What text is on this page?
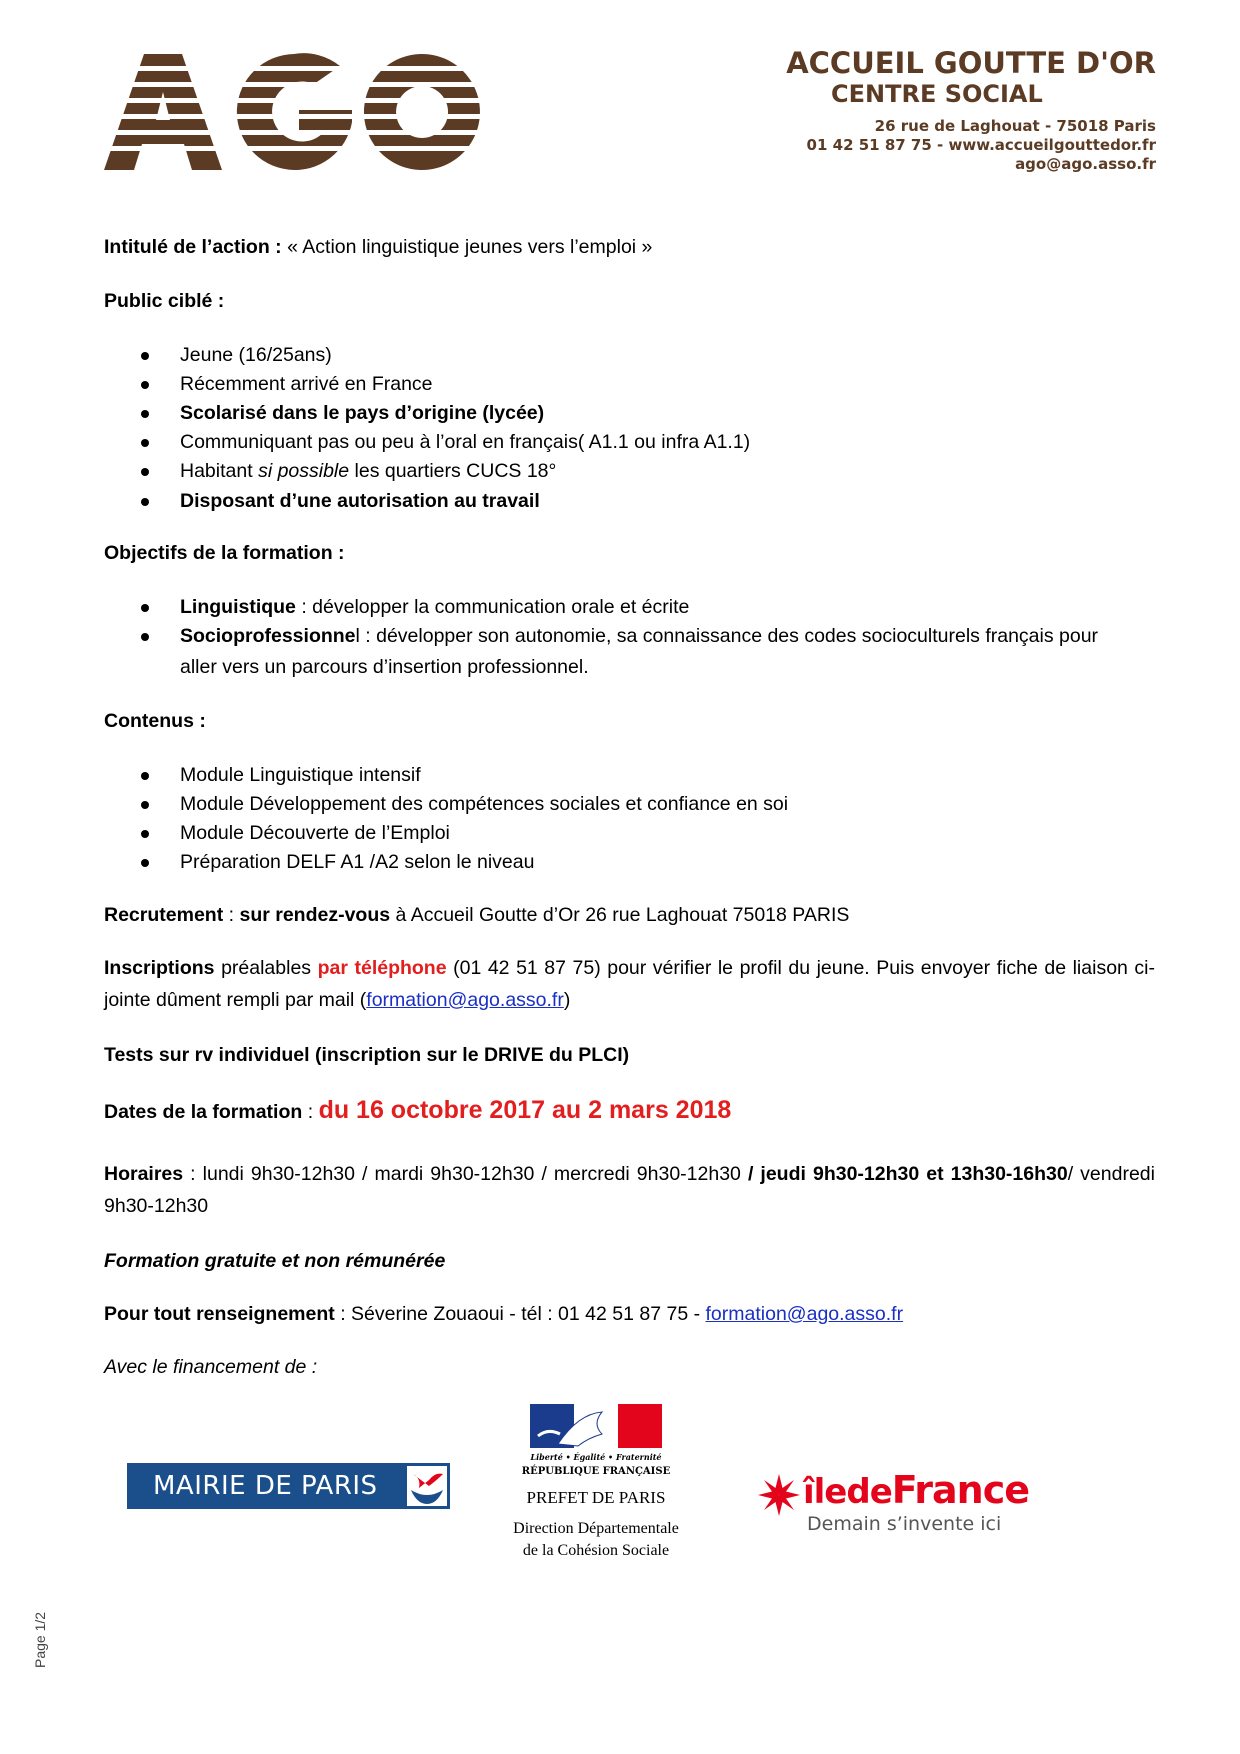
ACCUEIL GOUTTE D'OR
CENTRE SOCIAL
26 rue de Laghouat - 75018 Paris
01 42 51 87 75 - www.accueilgouttedor.fr
ago@ago.asso.fr
Intitulé de l’action : « Action linguistique jeunes vers l’emploi »
Public ciblé :
Jeune (16/25ans)
Récemment arrivé en France
Scolarisé dans le pays d’origine (lycée)
Communiquant pas ou peu à l’oral en français( A1.1 ou infra A1.1)
Habitant si possible les quartiers CUCS 18°
Disposant d’une autorisation au travail
Objectifs de la formation :
Linguistique : développer la communication orale et écrite
Socioprofessionnel : développer son autonomie, sa connaissance des codes socioculturels français pour
aller vers un parcours d’insertion professionnel.
Contenus :
Module Linguistique intensif
Module Développement des compétences sociales et confiance en soi
Module Découverte de l’Emploi
Préparation DELF A1 /A2 selon le niveau
Recrutement : sur rendez-vous à Accueil Goutte d’Or 26 rue Laghouat 75018 PARIS
Inscriptions préalables par téléphone (01 42 51 87 75) pour vérifier le profil du jeune. Puis envoyer fiche de liaison ci-jointe dûment rempli par mail (formation@ago.asso.fr)
Tests sur rv individuel (inscription sur le DRIVE du PLCI)
Dates de la formation : du 16 octobre 2017 au 2 mars 2018
Horaires : lundi 9h30-12h30 / mardi 9h30-12h30 / mercredi 9h30-12h30 / jeudi 9h30-12h30 et 13h30-16h30/ vendredi 9h30-12h30
Formation gratuite et non rémunérée
Pour tout renseignement : Séverine Zouaoui - tél : 01 42 51 87 75 - formation@ago.asso.fr
Avec le financement de :
MAIRIE DE PARIS
Liberté • Égalité • Fraternité
RÉPUBLIQUE FRANÇAISE
PREFET DE PARIS
Direction Départementale
de la Cohésion Sociale
îledeFrance
Demain s’invente ici
Page 1/2
